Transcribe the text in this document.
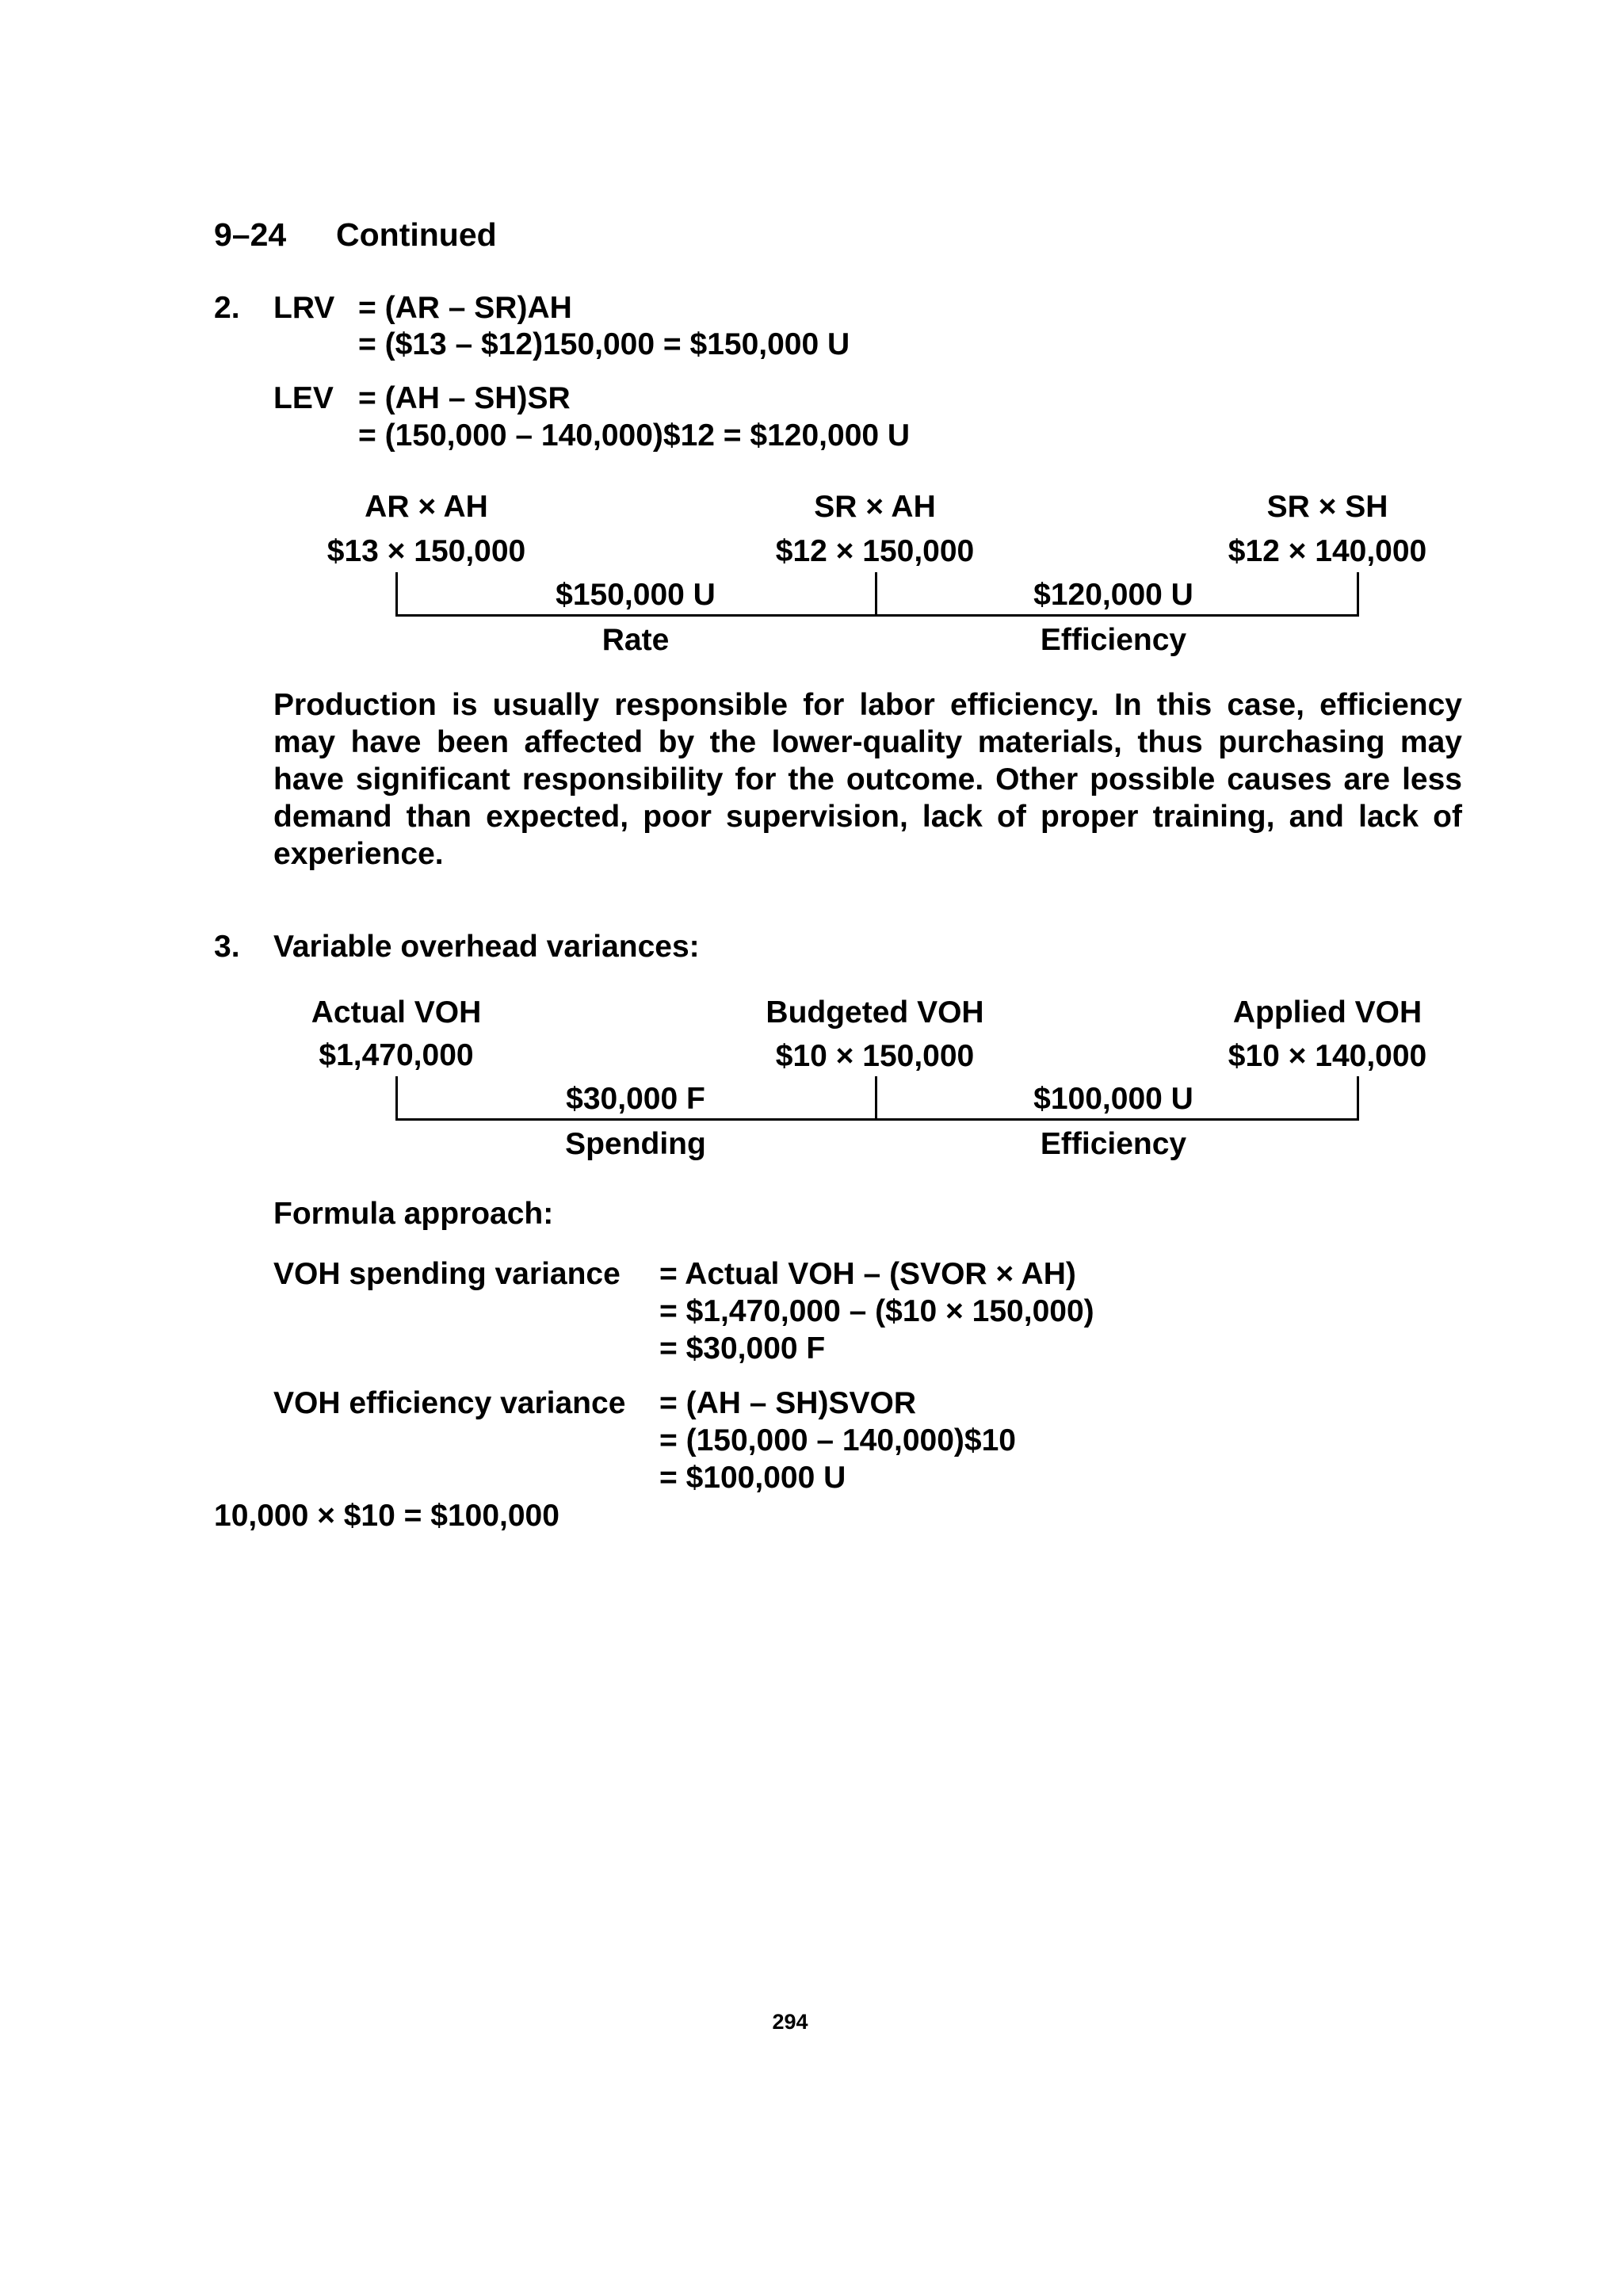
9–24 Continued
2. LRV = (AR – SR)AH
= ($13 – $12)150,000 = $150,000 U
LEV = (AH – SH)SR
= (150,000 – 140,000)$12 = $120,000 U
AR × AH	SR × AH	SR × SH
$13 × 150,000	$12 × 150,000	$12 × 140,000
$150,000 U	$120,000 U
Rate	Efficiency
Production is usually responsible for labor efficiency. In this case, efficiency may have been affected by the lower-quality materials, thus purchasing may have significant responsibility for the outcome. Other possible causes are less demand than expected, poor supervision, lack of proper training, and lack of experience.
3. Variable overhead variances:
Actual VOH	Budgeted VOH	Applied VOH
$1,470,000	$10 × 150,000	$10 × 140,000
$30,000 F	$100,000 U
Spending	Efficiency
Formula approach:
VOH spending variance = Actual VOH – (SVOR × AH)
= $1,470,000 – ($10 × 150,000)
= $30,000 F
VOH efficiency variance = (AH – SH)SVOR
= (150,000 – 140,000)$10
= $100,000 U
10,000 × $10 = $100,000
294
